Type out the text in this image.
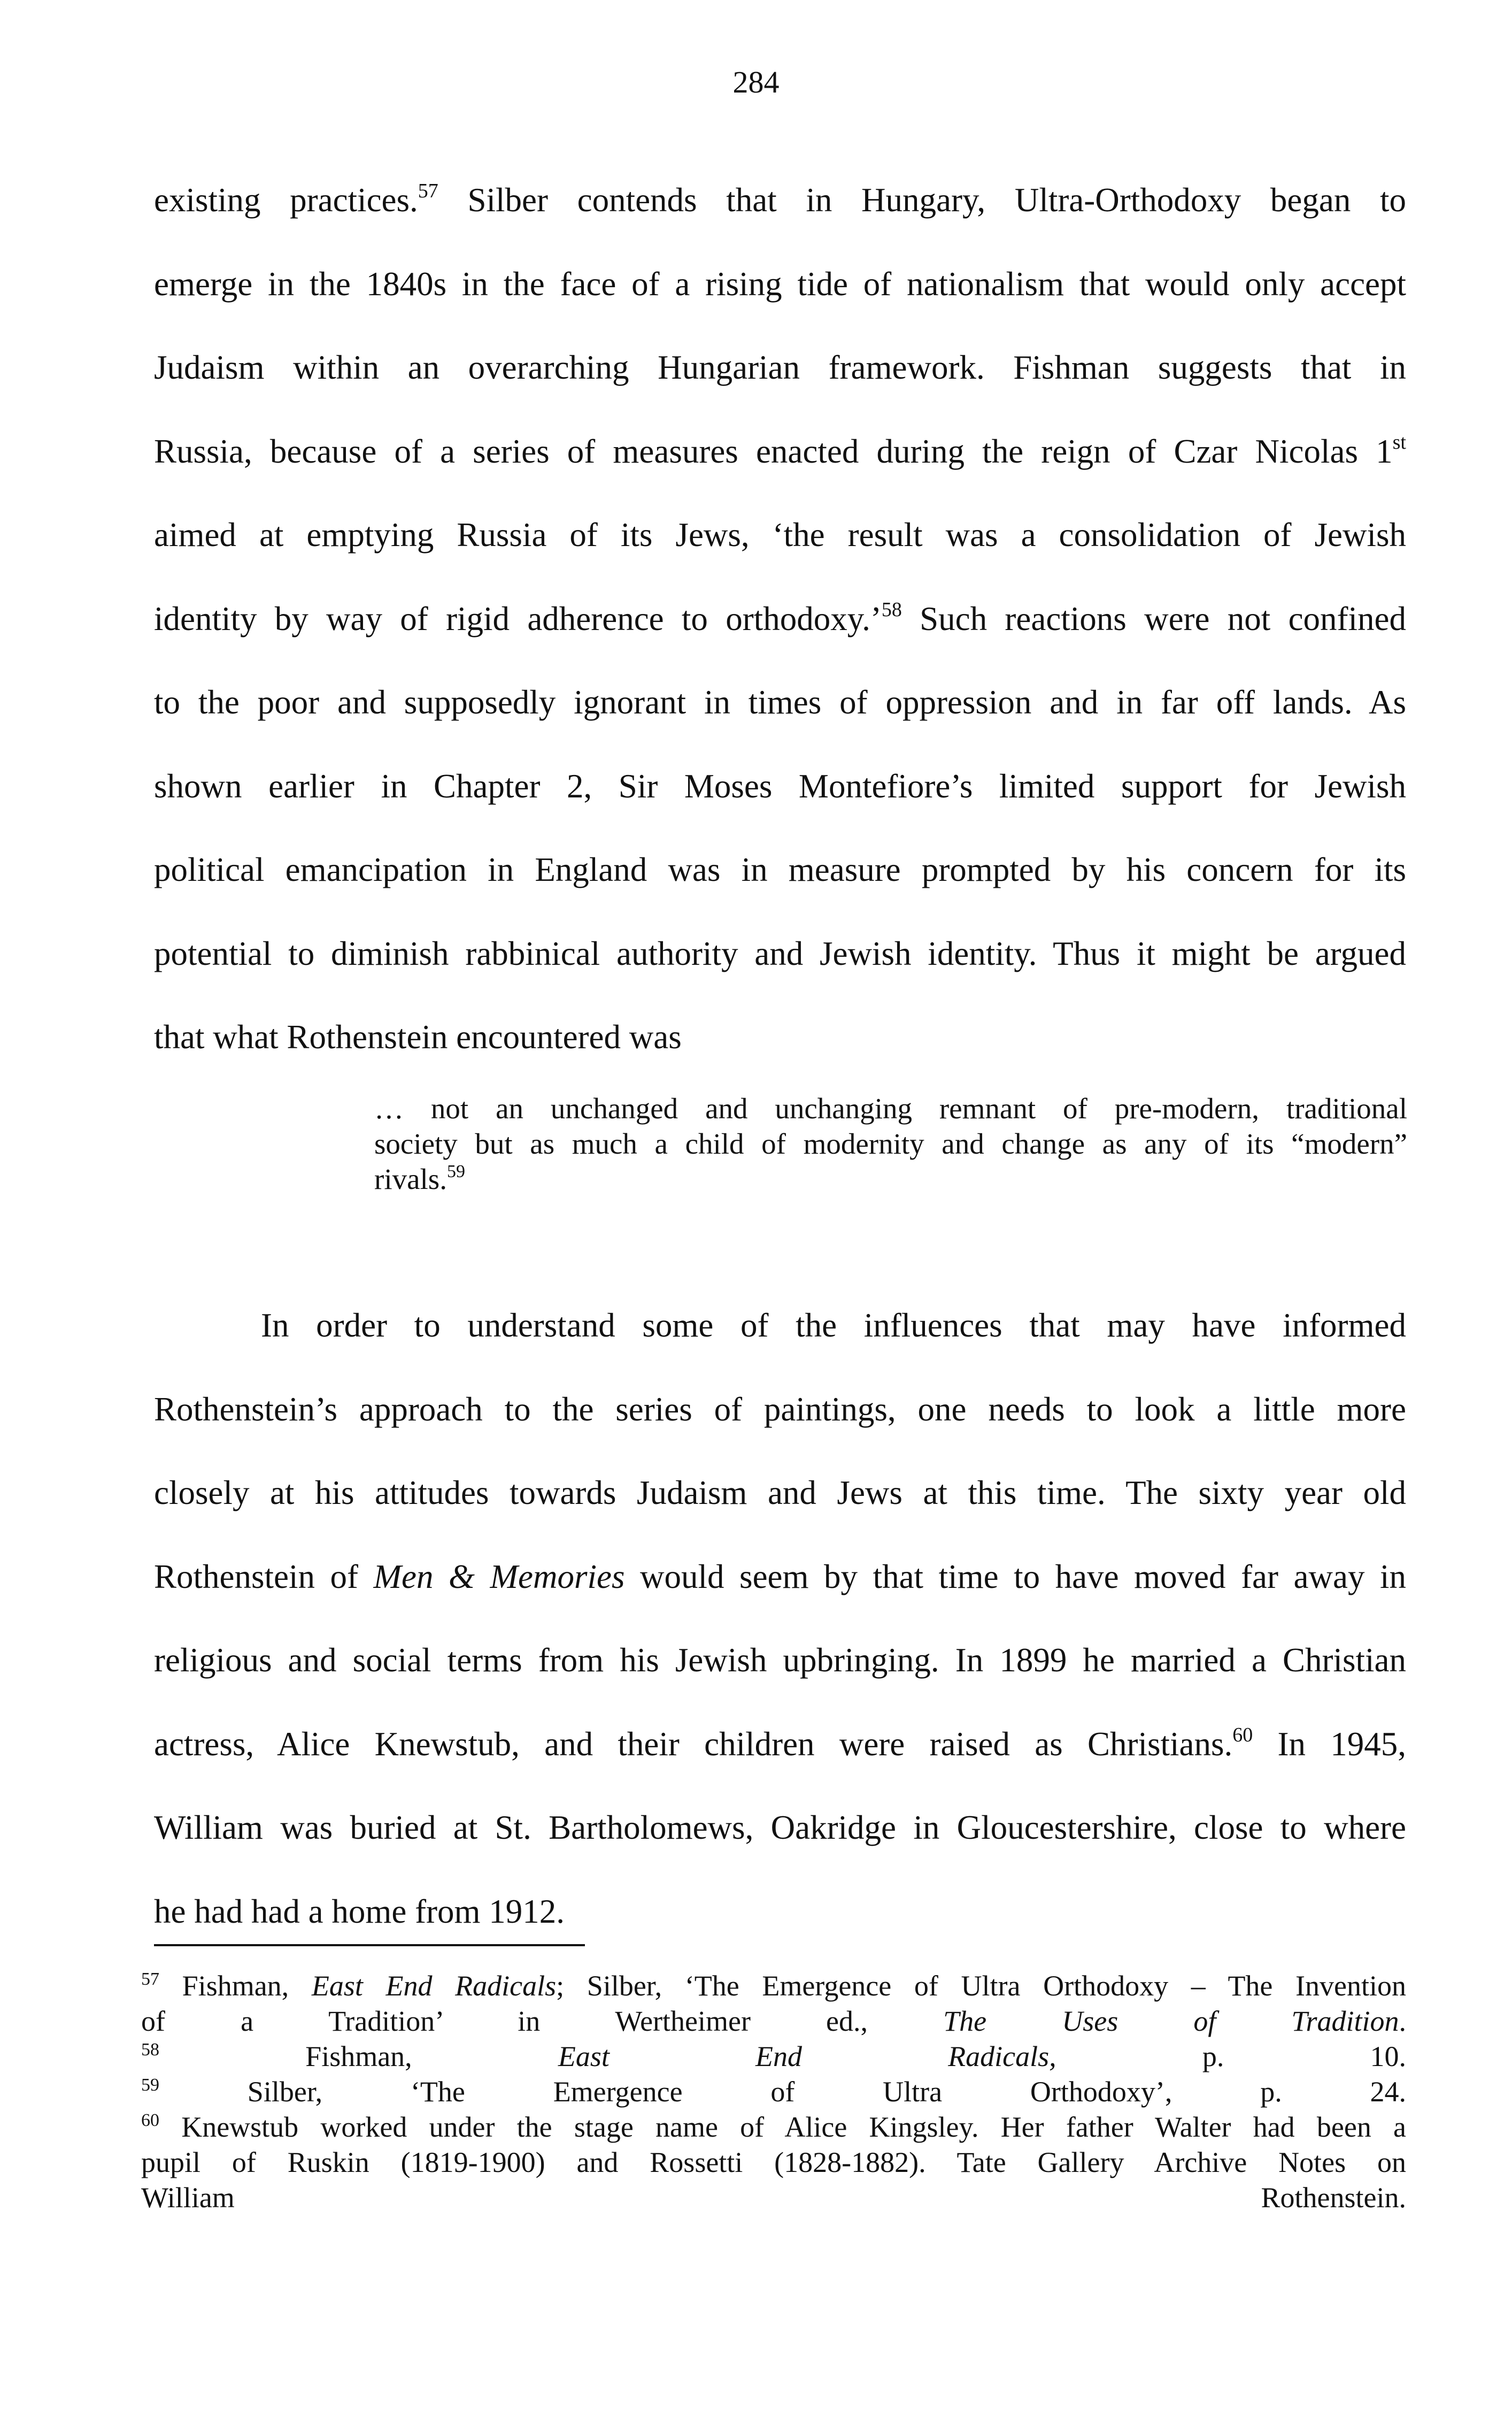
284
existing practices.$^{57}$ Silber contends that in Hungary, Ultra-Orthodoxy began to
emerge in the 1840s in the face of a rising tide of nationalism that would only accept
Judaism within an overarching Hungarian framework. Fishman suggests that in
Russia, because of a series of measures enacted during the reign of Czar Nicolas 1st
aimed at emptying Russia of its Jews, ‘the result was a consolidation of Jewish
identity by way of rigid adherence to orthodoxy.’$^{58}$ Such reactions were not confined
to the poor and supposedly ignorant in times of oppression and in far off lands. As
shown earlier in Chapter 2, Sir Moses Montefiore’s limited support for Jewish
political emancipation in England was in measure prompted by his concern for its
potential to diminish rabbinical authority and Jewish identity. Thus it might be argued
that what Rothenstein encountered was
… not an unchanged and unchanging remnant of pre-modern, traditional
society but as much a child of modernity and change as any of its “modern”
rivals.$^{59}$
In order to understand some of the influences that may have informed
Rothenstein’s approach to the series of paintings, one needs to look a little more
closely at his attitudes towards Judaism and Jews at this time. The sixty year old
Rothenstein of Men & Memories would seem by that time to have moved far away in
religious and social terms from his Jewish upbringing. In 1899 he married a Christian
actress, Alice Knewstub, and their children were raised as Christians.$^{60}$ In 1945,
William was buried at St. Bartholomews, Oakridge in Gloucestershire, close to where
he had had a home from 1912.
$^{57}$ Fishman, East End Radicals; Silber, ‘The Emergence of Ultra Orthodoxy – The Invention
of a Tradition’ in Wertheimer ed., The Uses of Tradition.
$^{58}$ Fishman, East End Radicals, p. 10.
$^{59}$ Silber, ‘The Emergence of Ultra Orthodoxy’, p. 24.
$^{60}$ Knewstub worked under the stage name of Alice Kingsley. Her father Walter had been a
pupil of Ruskin (1819-1900) and Rossetti (1828-1882). Tate Gallery Archive Notes on
William Rothenstein.
